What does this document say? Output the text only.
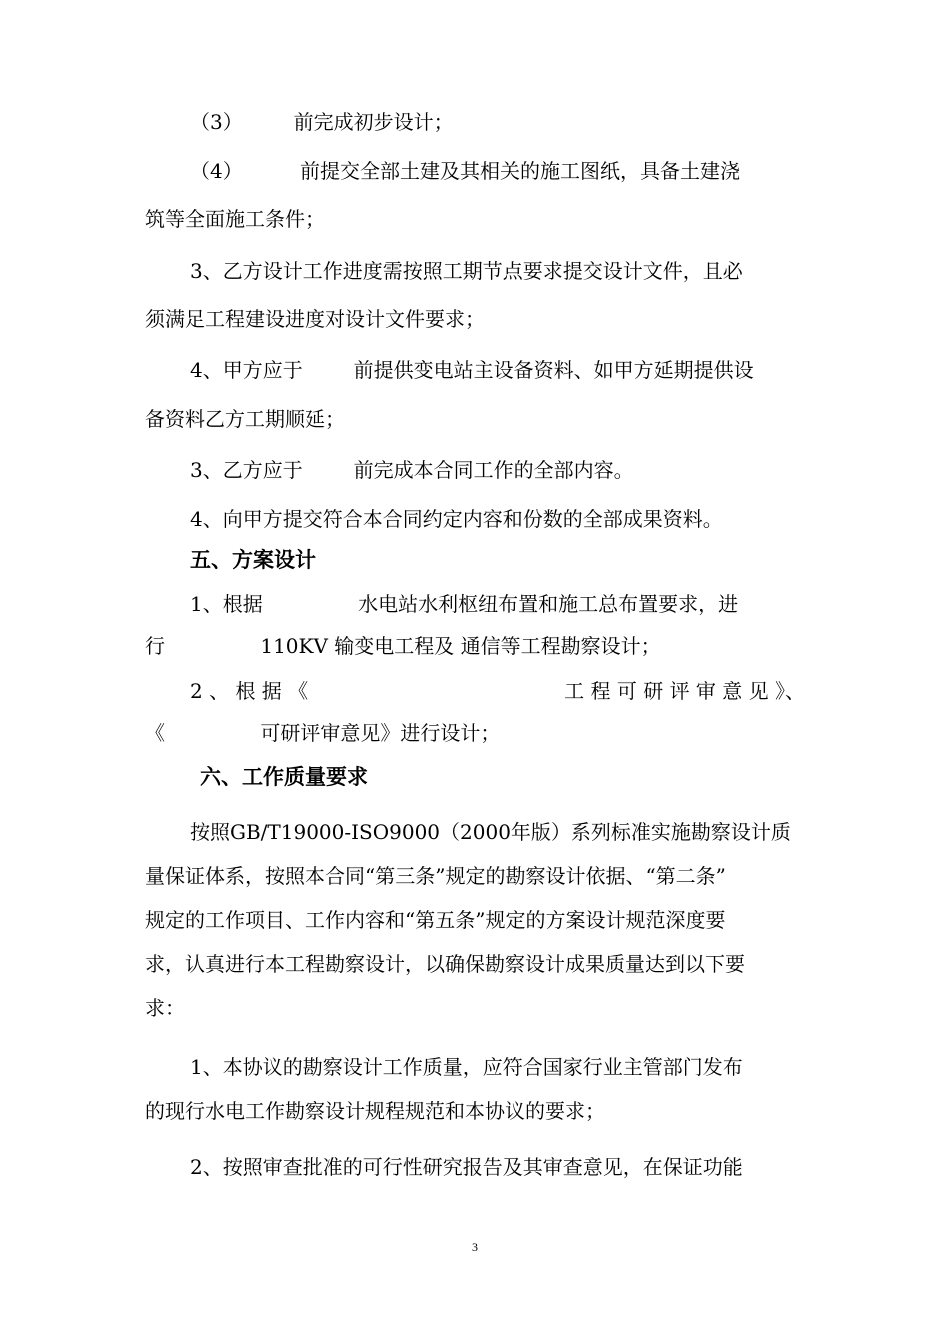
（3）        前完成初步设计；
（4）         前提交全部土建及其相关的施工图纸，具备土建浇
筑等全面施工条件；
3、乙方设计工作进度需按照工期节点要求提交设计文件，且必
须满足工程建设进度对设计文件要求；
4、甲方应于        前提供变电站主设备资料、如甲方延期提供设
备资料乙方工期顺延；
3、乙方应于        前完成本合同工作的全部内容。
4、向甲方提交符合本合同约定内容和份数的全部成果资料。
五、方案设计
1、根据               水电站水利枢纽布置和施工总布置要求，进
行               110KV 输变电工程及 通信等工程勘察设计；
2 、 根 据 《	工 程 可 研 评 审 意 见 》、
《               可研评审意见》进行设计；
六、工作质量要求
按照GB/T19000-ISO9000（2000年版）系列标准实施勘察设计质
量保证体系，按照本合同“第三条”规定的勘察设计依据、“第二条”
规定的工作项目、工作内容和“第五条”规定的方案设计规范深度要
求，认真进行本工程勘察设计，以确保勘察设计成果质量达到以下要
求：
1、本协议的勘察设计工作质量，应符合国家行业主管部门发布
的现行水电工作勘察设计规程规范和本协议的要求；
2、按照审查批准的可行性研究报告及其审查意见，在保证功能
3
